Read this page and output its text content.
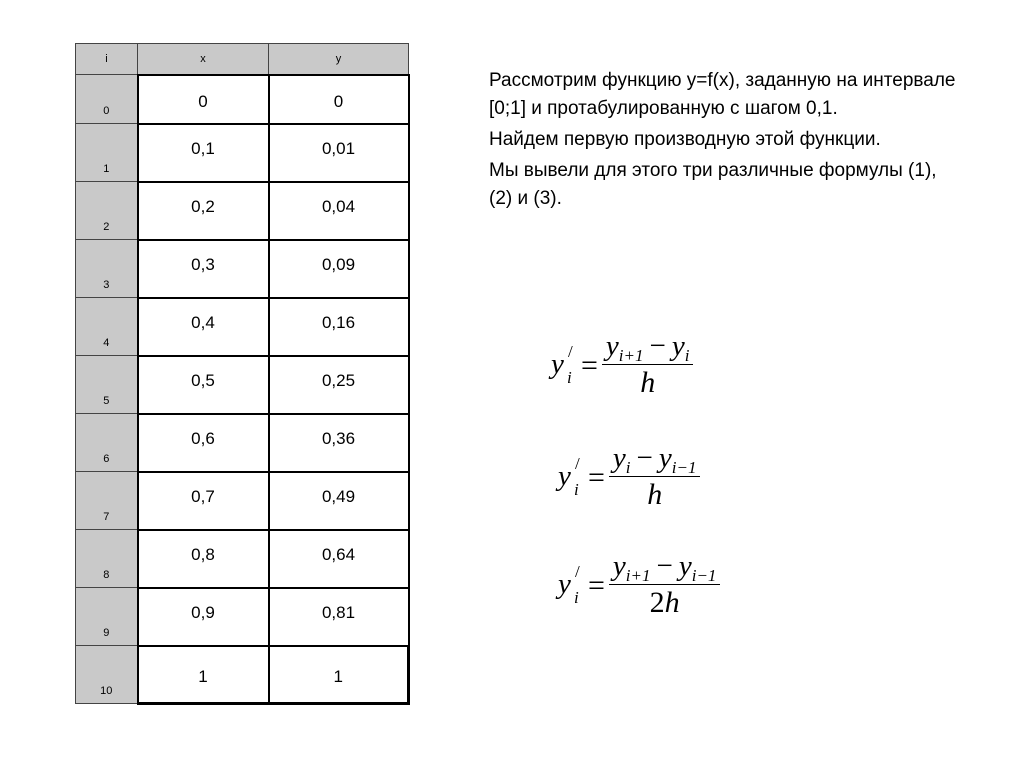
i	x	y
0	0	0
1	0,1	0,01
2	0,2	0,04
3	0,3	0,09
4	0,4	0,16
5	0,5	0,25
6	0,6	0,36
7	0,7	0,49
8	0,8	0,64
9	0,9	0,81
10	1	1

Рассмотрим функцию y=f(x), заданную на интервале [0;1] и протабулированную с шагом 0,1.

Найдем первую производную этой функции.

Мы вывели для этого три различные формулы (1), (2) и (3).

y /
$i = \frac{y_{i+1} - y_i}{h}$
y /
$i = \frac{y_i - y_{i-1}}{h}$
y /
$i = \frac{y_{i+1} - y_{i-1}}{2h}$
